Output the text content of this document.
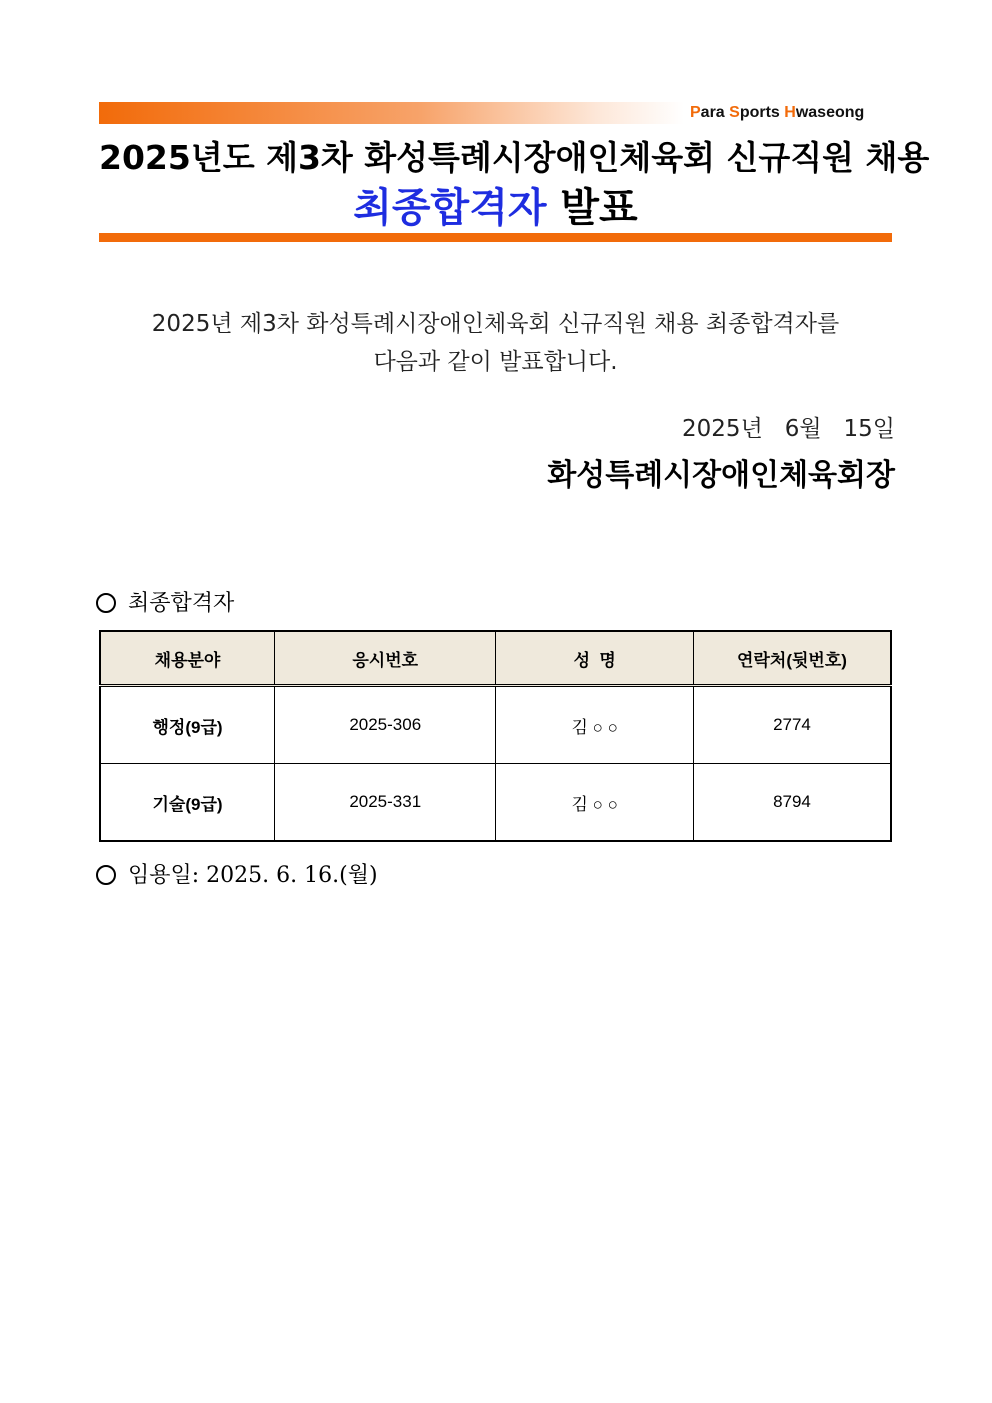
Para Sports Hwaseong
2025년도 제3차 화성특례시장애인체육회 신규직원 채용
최종합격자 발표
2025년 제3차 화성특례시장애인체육회 신규직원 채용 최종합격자를
다음과 같이 발표합니다.
2025년   6월   15일
화성특례시장애인체육회장
최종합격자
채용분야	응시번호	성  명	연락처(뒷번호)
행정(9급)	2025-306	김 ○ ○	2774
기술(9급)	2025-331	김 ○ ○	8794
임용일: 2025. 6. 16.(월)
